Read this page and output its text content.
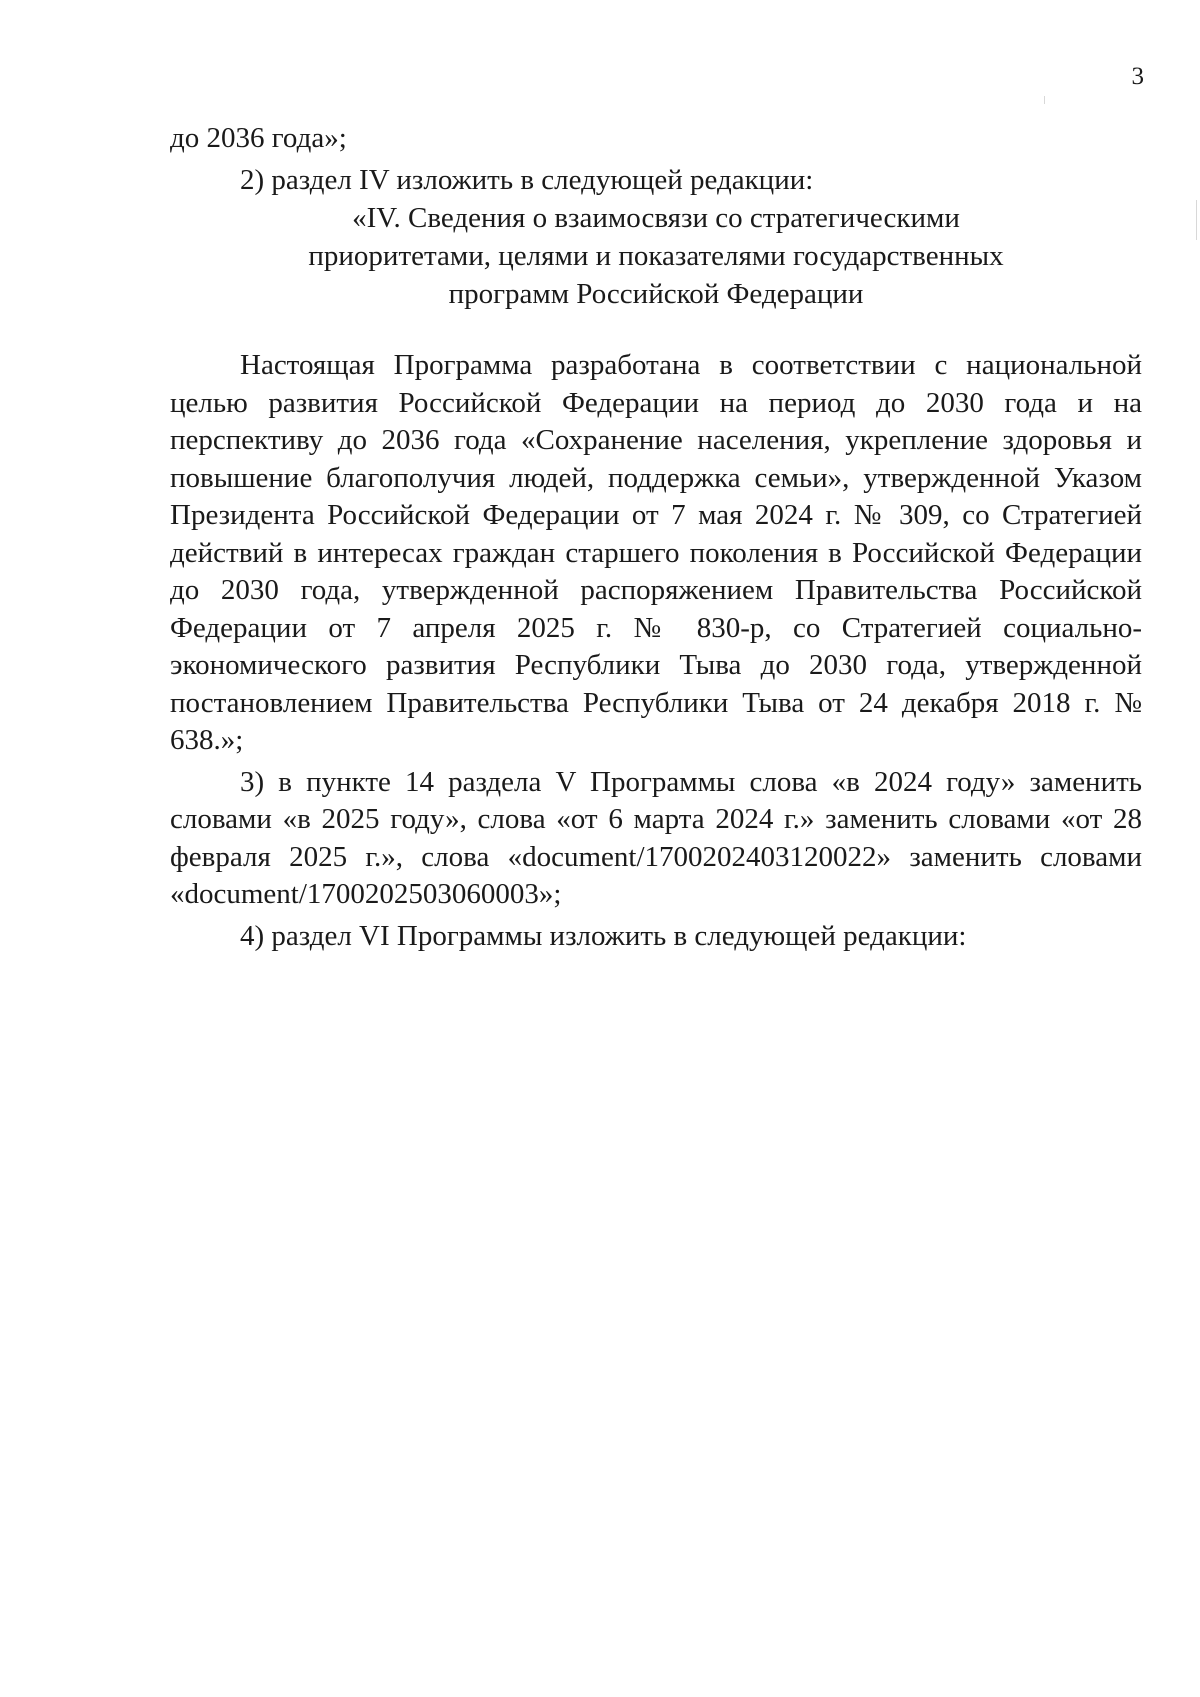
3

до 2036 года»;

2) раздел IV изложить в следующей редакции:

«IV. Сведения о взаимосвязи со стратегическими
приоритетами, целями и показателями государственных
программ Российской Федерации

Настоящая Программа разработана в соответствии с национальной целью развития Российской Федерации на период до 2030 года и на перспективу до 2036 года «Сохранение населения, укрепление здоровья и повышение благополучия людей, поддержка семьи», утвержденной Указом Президента Российской Федерации от 7 мая 2024 г. № 309, со Стратегией действий в интересах граждан старшего поколения в Российской Федерации до 2030 года, утвержденной распоряжением Правительства Российской Федерации от 7 апреля 2025 г. № 830-р, со Стратегией социально-экономического развития Республики Тыва до 2030 года, утвержденной постановлением Правительства Республики Тыва от 24 декабря 2018 г. № 638.»;

3) в пункте 14 раздела V Программы слова «в 2024 году» заменить словами «в 2025 году», слова «от 6 марта 2024 г.» заменить словами «от 28 февраля 2025 г.», слова «document/1700202403120022» заменить словами «document/1700202503060003»;

4) раздел VI Программы изложить в следующей редакции:
